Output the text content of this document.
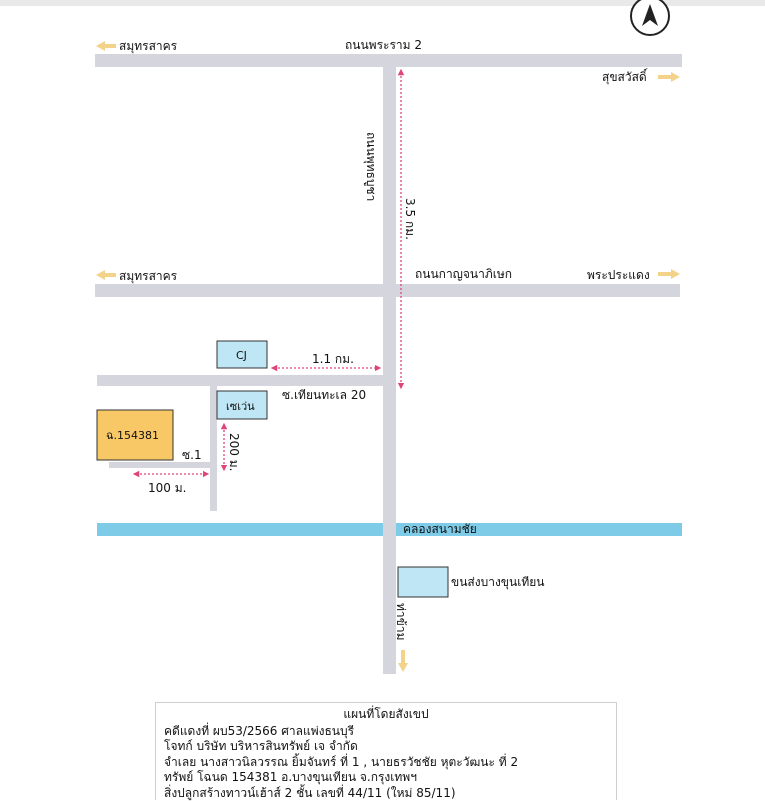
ถนนพระราม 2
ถนนกาญจนาภิเษก
ถนนพุทธบูชา
ซ.เทียนทะเล 20
ซ.1
สมุทรสาคร
สุขสวัสดิ์
สมุทรสาคร	พระประแดง
ท่าข้าม
คลองสนามชัย
3.5 กม.
1.1 กม.
200 ม.
100 ม.
CJ
เซเว่น
ฉ.154381
ขนส่งบางขุนเทียน
แผนที่โดยสังเขป
คดีแดงที่ ผบ53/2566 ศาลแพ่งธนบุรี
โจทก์ บริษัท บริหารสินทรัพย์ เจ จำกัด
จำเลย นางสาวนิลวรรณ ยิ้มจันทร์ ที่ 1 , นายธรวัชชัย หุตะวัฒนะ ที่ 2
ทรัพย์ โฉนด 154381 อ.บางขุนเทียน จ.กรุงเทพฯ
สิ่งปลูกสร้างทาวน์เฮ้าส์ 2 ชั้น เลขที่ 44/11 (ใหม่ 85/11)
